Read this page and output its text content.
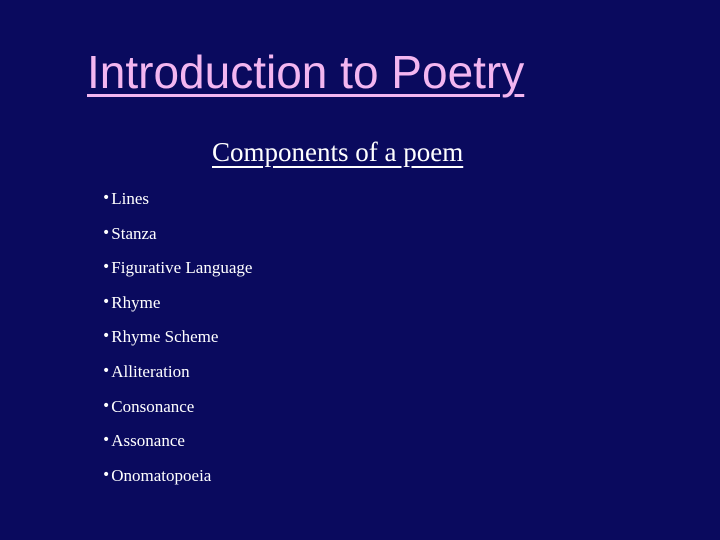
Introduction to Poetry
Components of a poem
• Lines
• Stanza
• Figurative Language
• Rhyme
• Rhyme Scheme
• Alliteration
• Consonance
• Assonance
• Onomatopoeia
